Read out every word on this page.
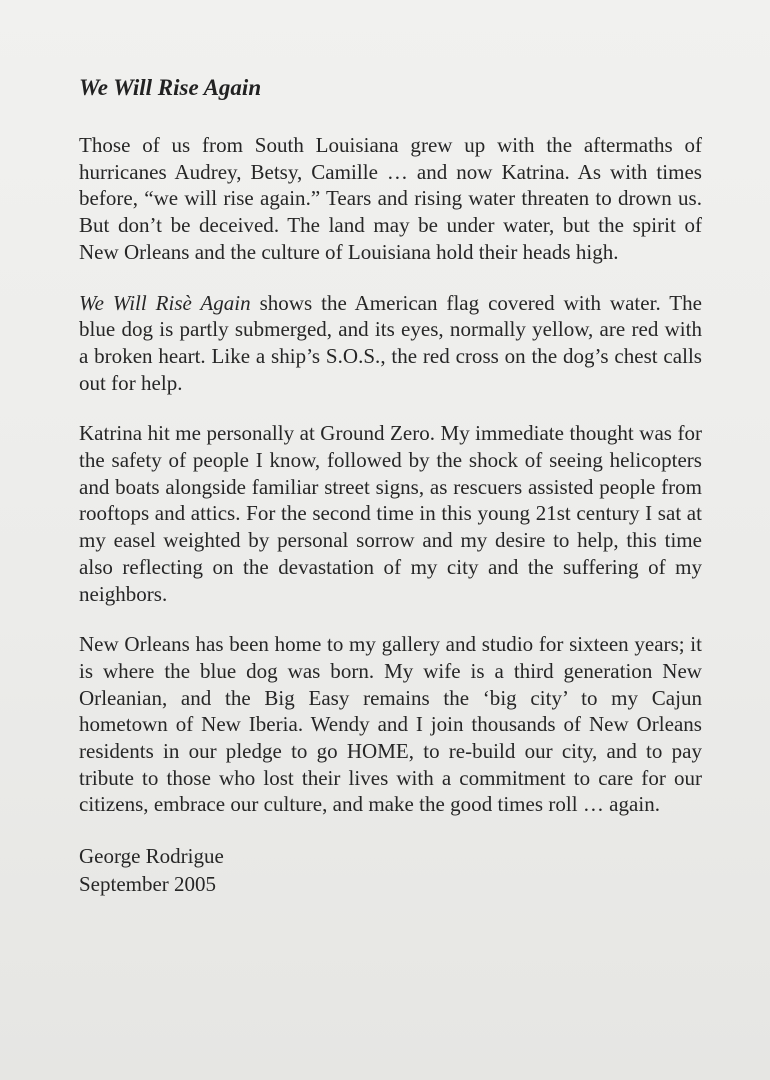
We Will Rise Again

Those of us from South Louisiana grew up with the aftermaths of hurricanes Audrey, Betsy, Camille … and now Katrina. As with times before, “we will rise again.” Tears and rising water threaten to drown us. But don’t be deceived. The land may be under water, but the spirit of New Orleans and the culture of Louisiana hold their heads high.

We Will Risè Again shows the American flag covered with water. The blue dog is partly submerged, and its eyes, normally yellow, are red with a broken heart. Like a ship’s S.O.S., the red cross on the dog’s chest calls out for help.

Katrina hit me personally at Ground Zero. My immediate thought was for the safety of people I know, followed by the shock of seeing helicopters and boats alongside familiar street signs, as rescuers assisted people from rooftops and attics. For the second time in this young 21st century I sat at my easel weighted by personal sorrow and my desire to help, this time also reflecting on the devastation of my city and the suffering of my neighbors.

New Orleans has been home to my gallery and studio for sixteen years; it is where the blue dog was born. My wife is a third generation New Orleanian, and the Big Easy remains the ‘big city’ to my Cajun hometown of New Iberia. Wendy and I join thousands of New Orleans residents in our pledge to go HOME, to re-build our city, and to pay tribute to those who lost their lives with a commitment to care for our citizens, embrace our culture, and make the good times roll … again.

George Rodrigue
September 2005
